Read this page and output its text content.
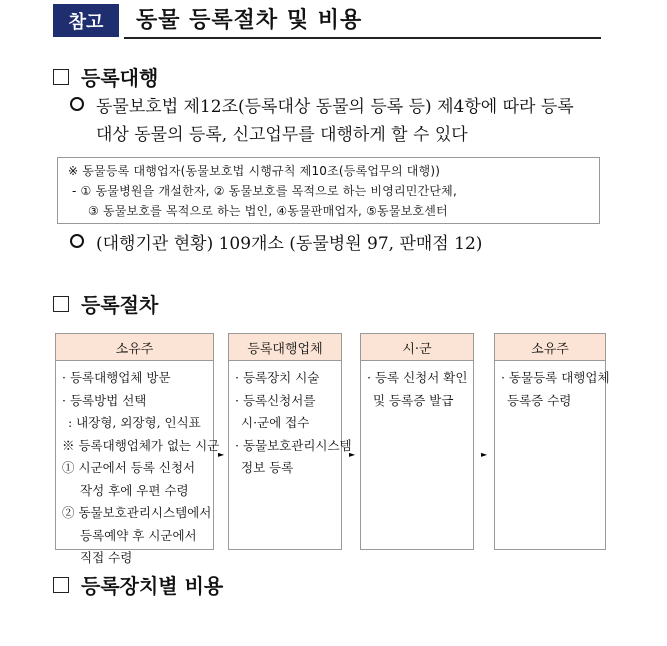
참고	동물 등록절차 및 비용
등록대행
동물보호법 제12조(등록대상 동물의 등록 등) 제4항에 따라 등록
대상 동물의 등록, 신고업무를 대행하게 할 수 있다
※ 동물등록 대행업자(동물보호법 시행규칙 제10조(등록업무의 대행))
- ① 동물병원을 개설한자, ② 동물보호를 목적으로 하는 비영리민간단체,
③ 동물보호를 목적으로 하는 법인, ④동물판매업자, ⑤동물보호센터
(대행기관 현황) 109개소 (동물병원 97, 판매점 12)
등록절차
소유주
· 등록대행업체 방문
· 등록방법 선택
: 내장형, 외장형, 인식표
※ 등록대행업체가 없는 시군
① 시군에서 등록 신청서
작성 후에 우편 수령
② 동물보호관리시스템에서
등록예약 후 시군에서
직접 수령
►
등록대행업체
· 등록장치 시술
· 등록신청서를
시·군에 접수
· 동물보호관리시스템
정보 등록
►
시·군
· 등록 신청서 확인
및 등록증 발급
►
소유주
· 동물등록 대행업체
등록증 수령
등록장치별 비용
